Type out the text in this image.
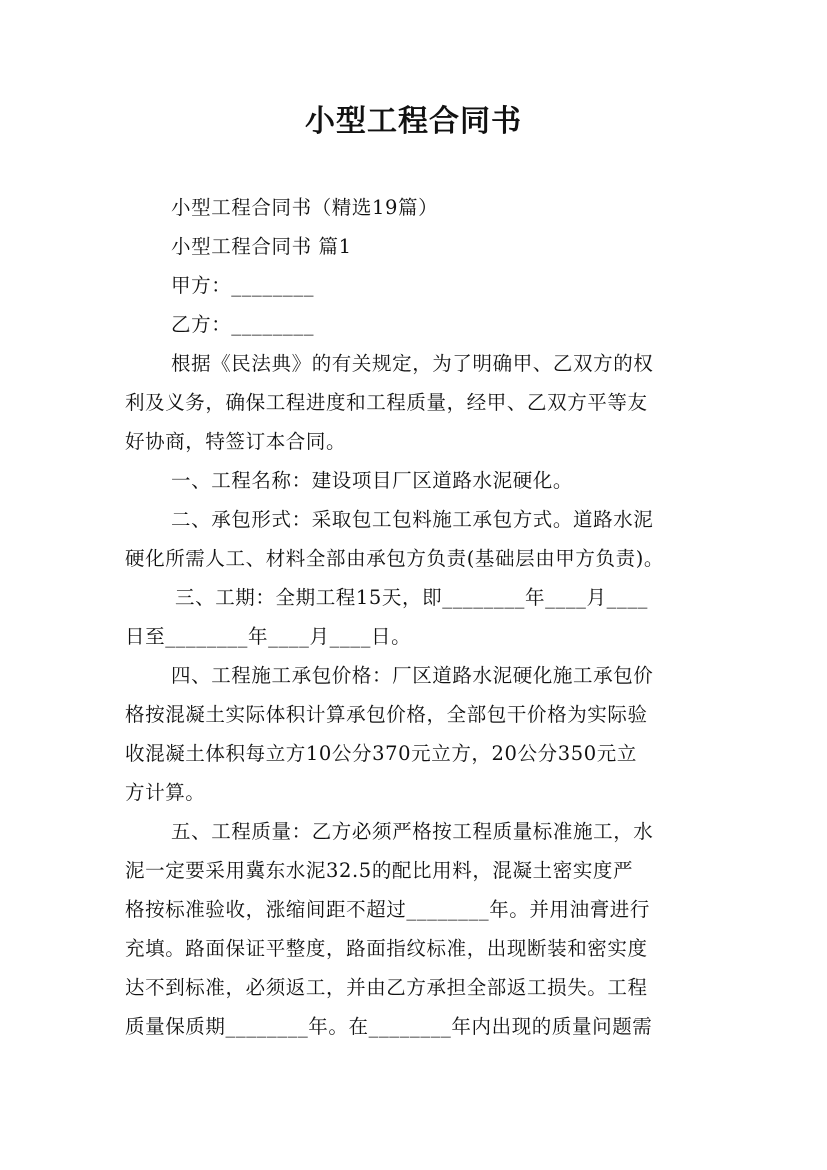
小型工程合同书
小型工程合同书（精选19篇）
小型工程合同书 篇1
甲方：________
乙方：________
根据《民法典》的有关规定，为了明确甲、乙双方的权
利及义务，确保工程进度和工程质量，经甲、乙双方平等友
好协商，特签订本合同。
一、工程名称：建设项目厂区道路水泥硬化。
二、承包形式：采取包工包料施工承包方式。道路水泥
硬化所需人工、材料全部由承包方负责(基础层由甲方负责)。
三、工期：全期工程15天，即________年____月____
日至________年____月____日。
四、工程施工承包价格：厂区道路水泥硬化施工承包价
格按混凝土实际体积计算承包价格，全部包干价格为实际验
收混凝土体积每立方10公分370元立方，20公分350元立
方计算。
五、工程质量：乙方必须严格按工程质量标准施工，水
泥一定要采用冀东水泥32.5的配比用料，混凝土密实度严
格按标准验收，涨缩间距不超过________年。并用油膏进行
充填。路面保证平整度，路面指纹标准，出现断装和密实度
达不到标准，必须返工，并由乙方承担全部返工损失。工程
质量保质期________年。在________年内出现的质量问题需
